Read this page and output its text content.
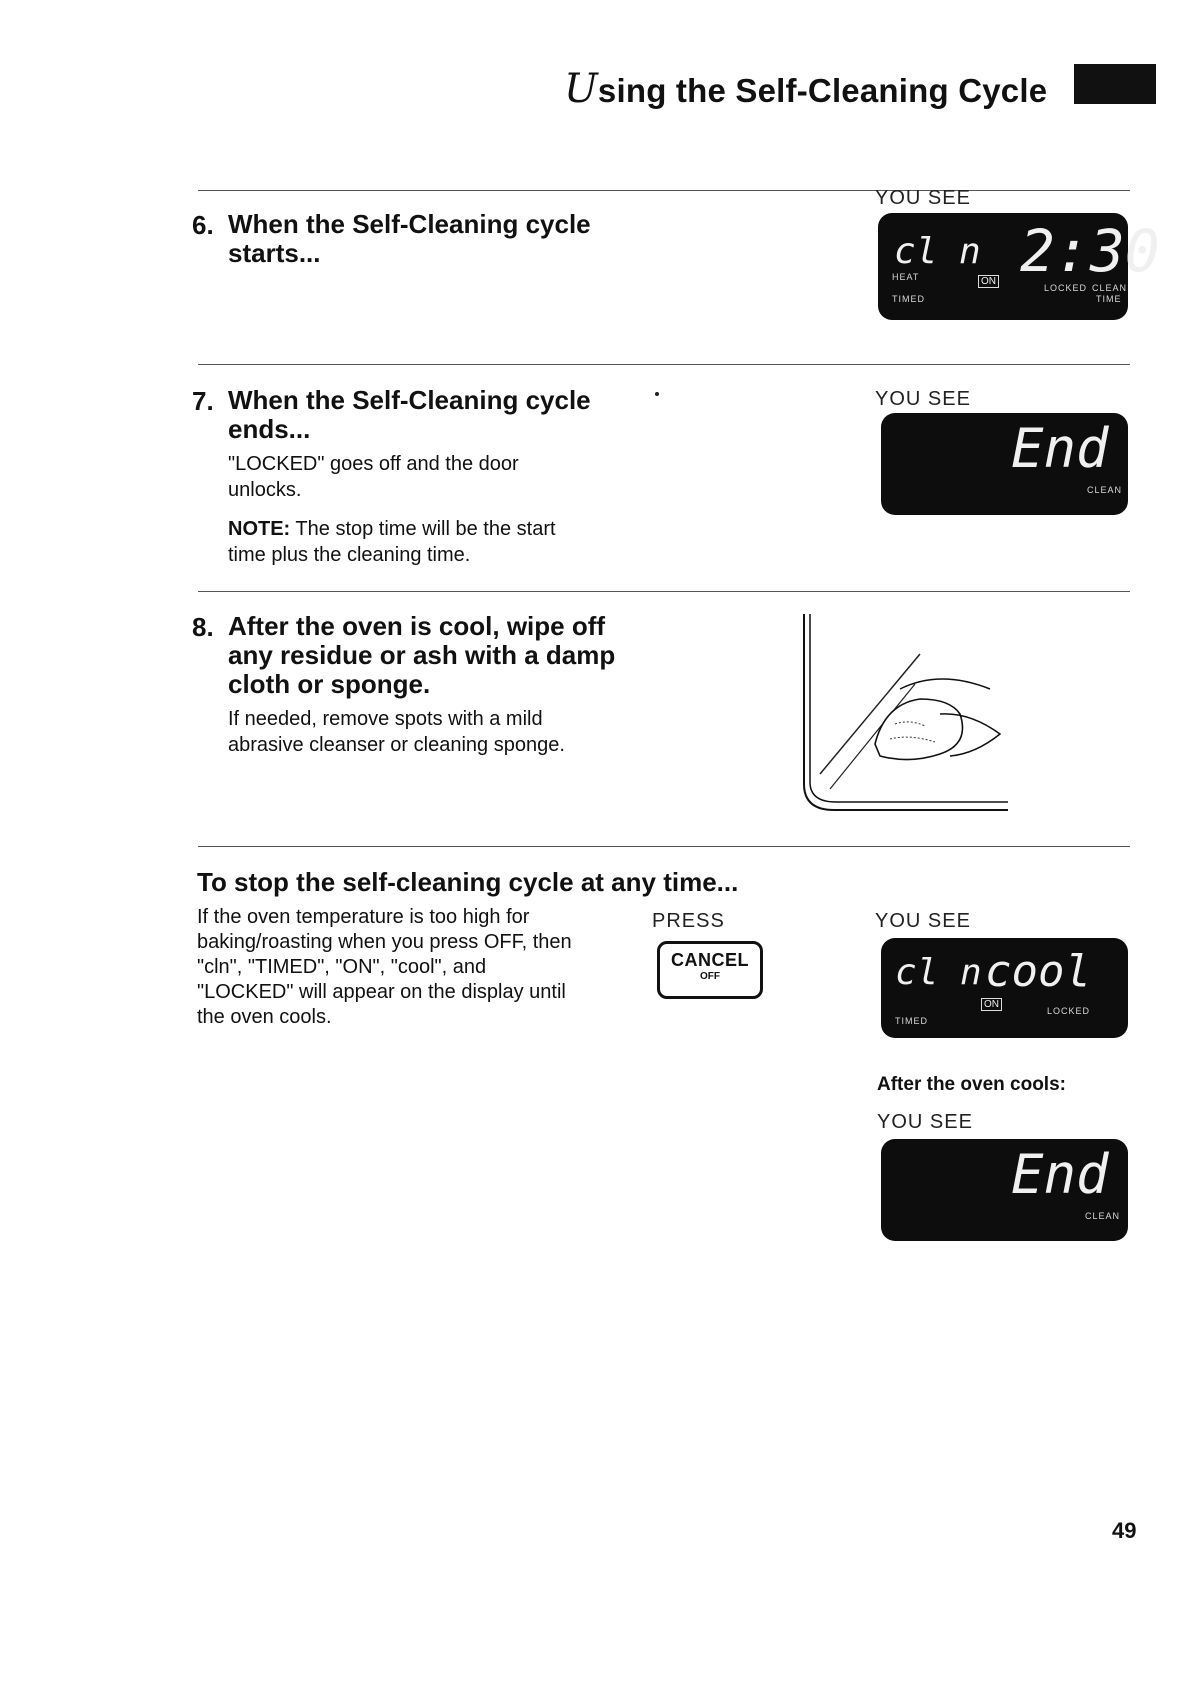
Using the Self-Cleaning Cycle
YOU SEE
6. When the Self-Cleaning cycle
starts...	cl n 2:30
HEAT
TIMED
ON
LOCKED CLEAN
TIME
7. When the Self-Cleaning cycle
ends...
"LOCKED" goes off and the door
unlocks.
NOTE: The stop time will be the start
time plus the cleaning time.
YOU SEE
End
CLEAN
8. After the oven is cool, wipe off
any residue or ash with a damp
cloth or sponge.
If needed, remove spots with a mild
abrasive cleanser or cleaning sponge.
To stop the self-cleaning cycle at any time...
If the oven temperature is too high for
baking/roasting when you press OFF, then
"cln", "TIMED", "ON", "cool", and
"LOCKED" will appear on the display until
the oven cools.
PRESS
CANCEL
OFF
YOU SEE
cl n cool
TIMED
ON
LOCKED
After the oven cools:
YOU SEE
End
CLEAN
49
